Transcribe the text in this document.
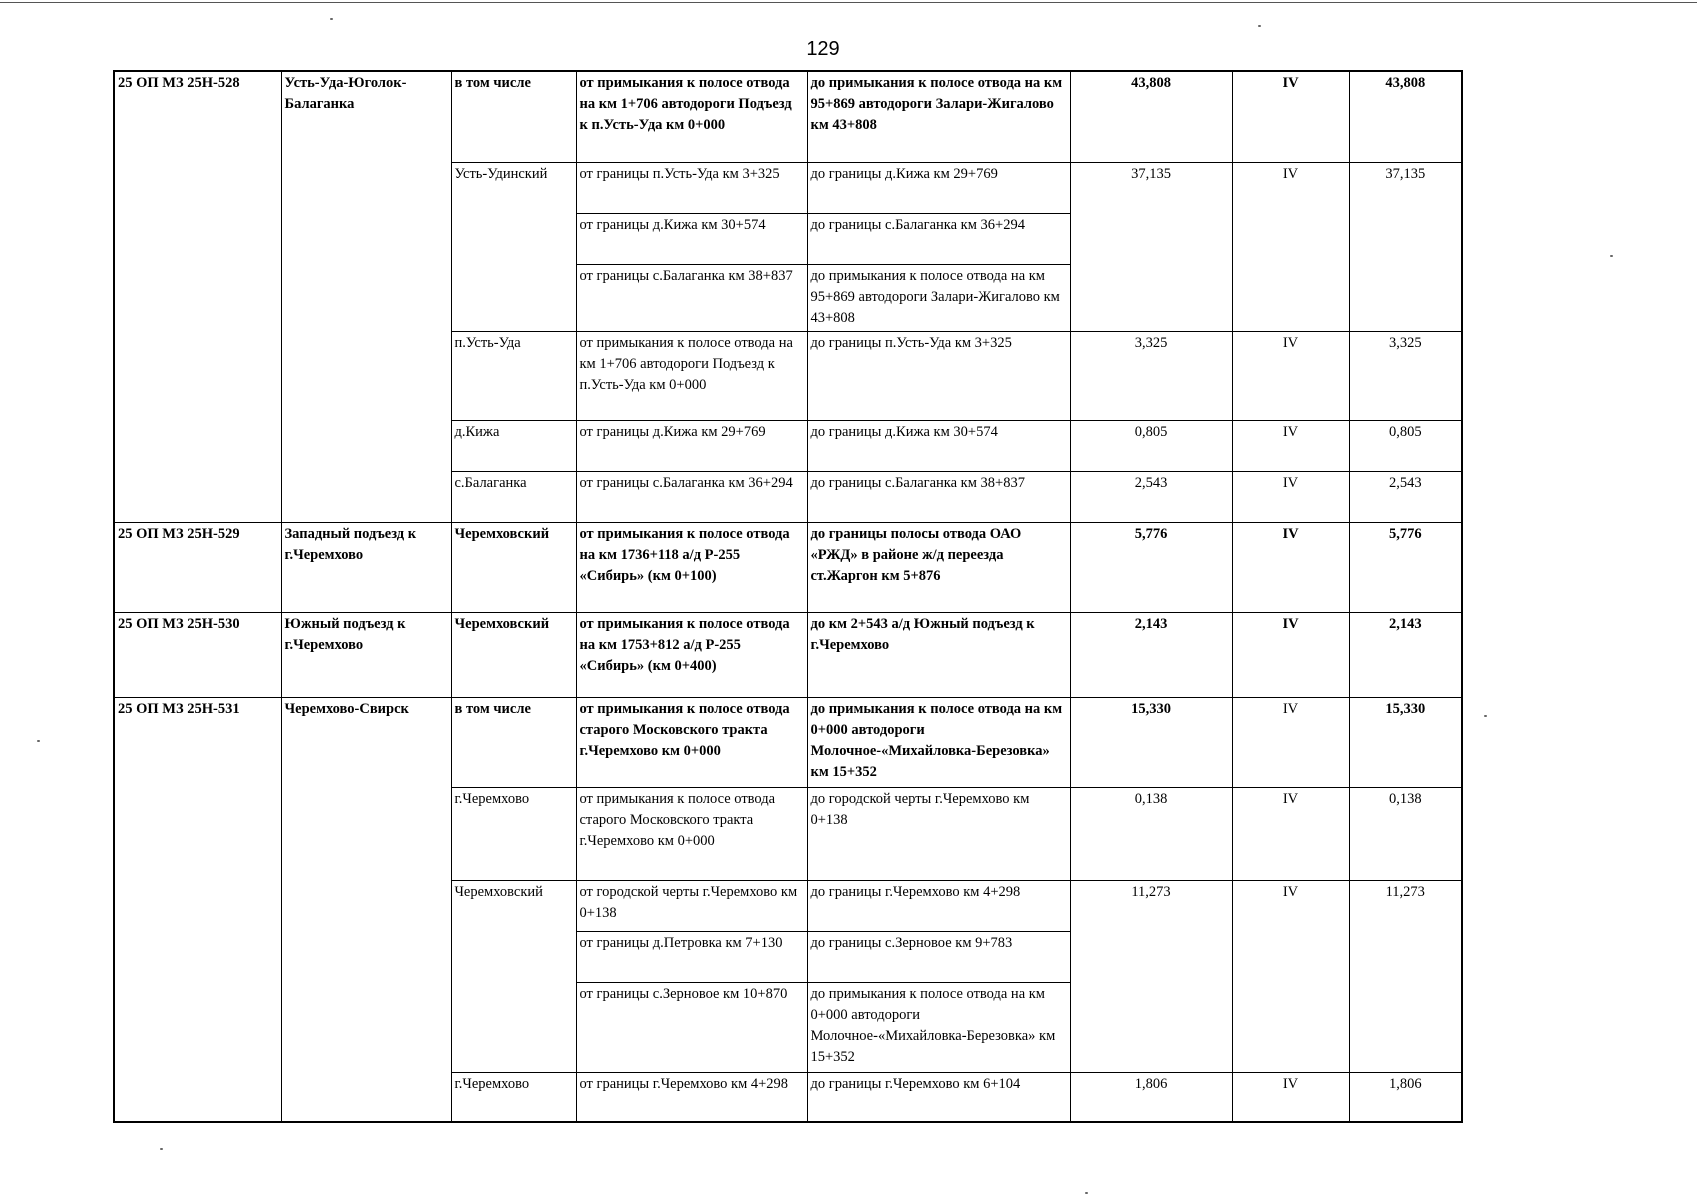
129
25 ОП МЗ 25Н-528	Усть-Уда-Юголок-Балаганка	в том числе	от примыкания к полосе отвода на км 1+706 автодороги Подъезд к п.Усть-Уда км 0+000	до примыкания к полосе отвода на км 95+869 автодороги Залари-Жигалово км 43+808	43,808	IV	43,808
		Усть-Удинский	от границы п.Усть-Уда км 3+325	до границы д.Кижа км 29+769	37,135	IV	37,135
			от границы д.Кижа км 30+574	до границы с.Балаганка км 36+294			
			от границы с.Балаганка км 38+837	до примыкания к полосе отвода на км 95+869 автодороги Залари-Жигалово км 43+808			
		п.Усть-Уда	от примыкания к полосе отвода на км 1+706 автодороги Подъезд к п.Усть-Уда км 0+000	до границы п.Усть-Уда км 3+325	3,325	IV	3,325
		д.Кижа	от границы д.Кижа км 29+769	до границы д.Кижа км 30+574	0,805	IV	0,805
		с.Балаганка	от границы с.Балаганка км 36+294	до границы с.Балаганка км 38+837	2,543	IV	2,543
25 ОП МЗ 25Н-529	Западный подъезд к г.Черемхово	Черемховский	от примыкания к полосе отвода на км 1736+118 а/д Р-255 «Сибирь» (км 0+100)	до границы полосы отвода ОАО «РЖД» в районе ж/д переезда ст.Жаргон км 5+876	5,776	IV	5,776
25 ОП МЗ 25Н-530	Южный подъезд к г.Черемхово	Черемховский	от примыкания к полосе отвода на км 1753+812 а/д Р-255 «Сибирь» (км 0+400)	до км 2+543 а/д Южный подъезд к г.Черемхово	2,143	IV	2,143
25 ОП МЗ 25Н-531	Черемхово-Свирск	в том числе	от примыкания к полосе отвода старого Московского тракта г.Черемхово км 0+000	до примыкания к полосе отвода на км 0+000 автодороги Молочное-«Михайловка-Березовка» км 15+352	15,330	IV	15,330
		г.Черемхово	от примыкания к полосе отвода старого Московского тракта г.Черемхово км 0+000	до городской черты г.Черемхово км 0+138	0,138	IV	0,138
		Черемховский	от городской черты г.Черемхово км 0+138	до границы г.Черемхово км 4+298	11,273	IV	11,273
			от границы д.Петровка км 7+130	до границы с.Зерновое км 9+783			
			от границы с.Зерновое км 10+870	до примыкания к полосе отвода на км 0+000 автодороги Молочное-«Михайловка-Березовка» км 15+352			
		г.Черемхово	от границы г.Черемхово км 4+298	до границы г.Черемхово км 6+104	1,806	IV	1,806
